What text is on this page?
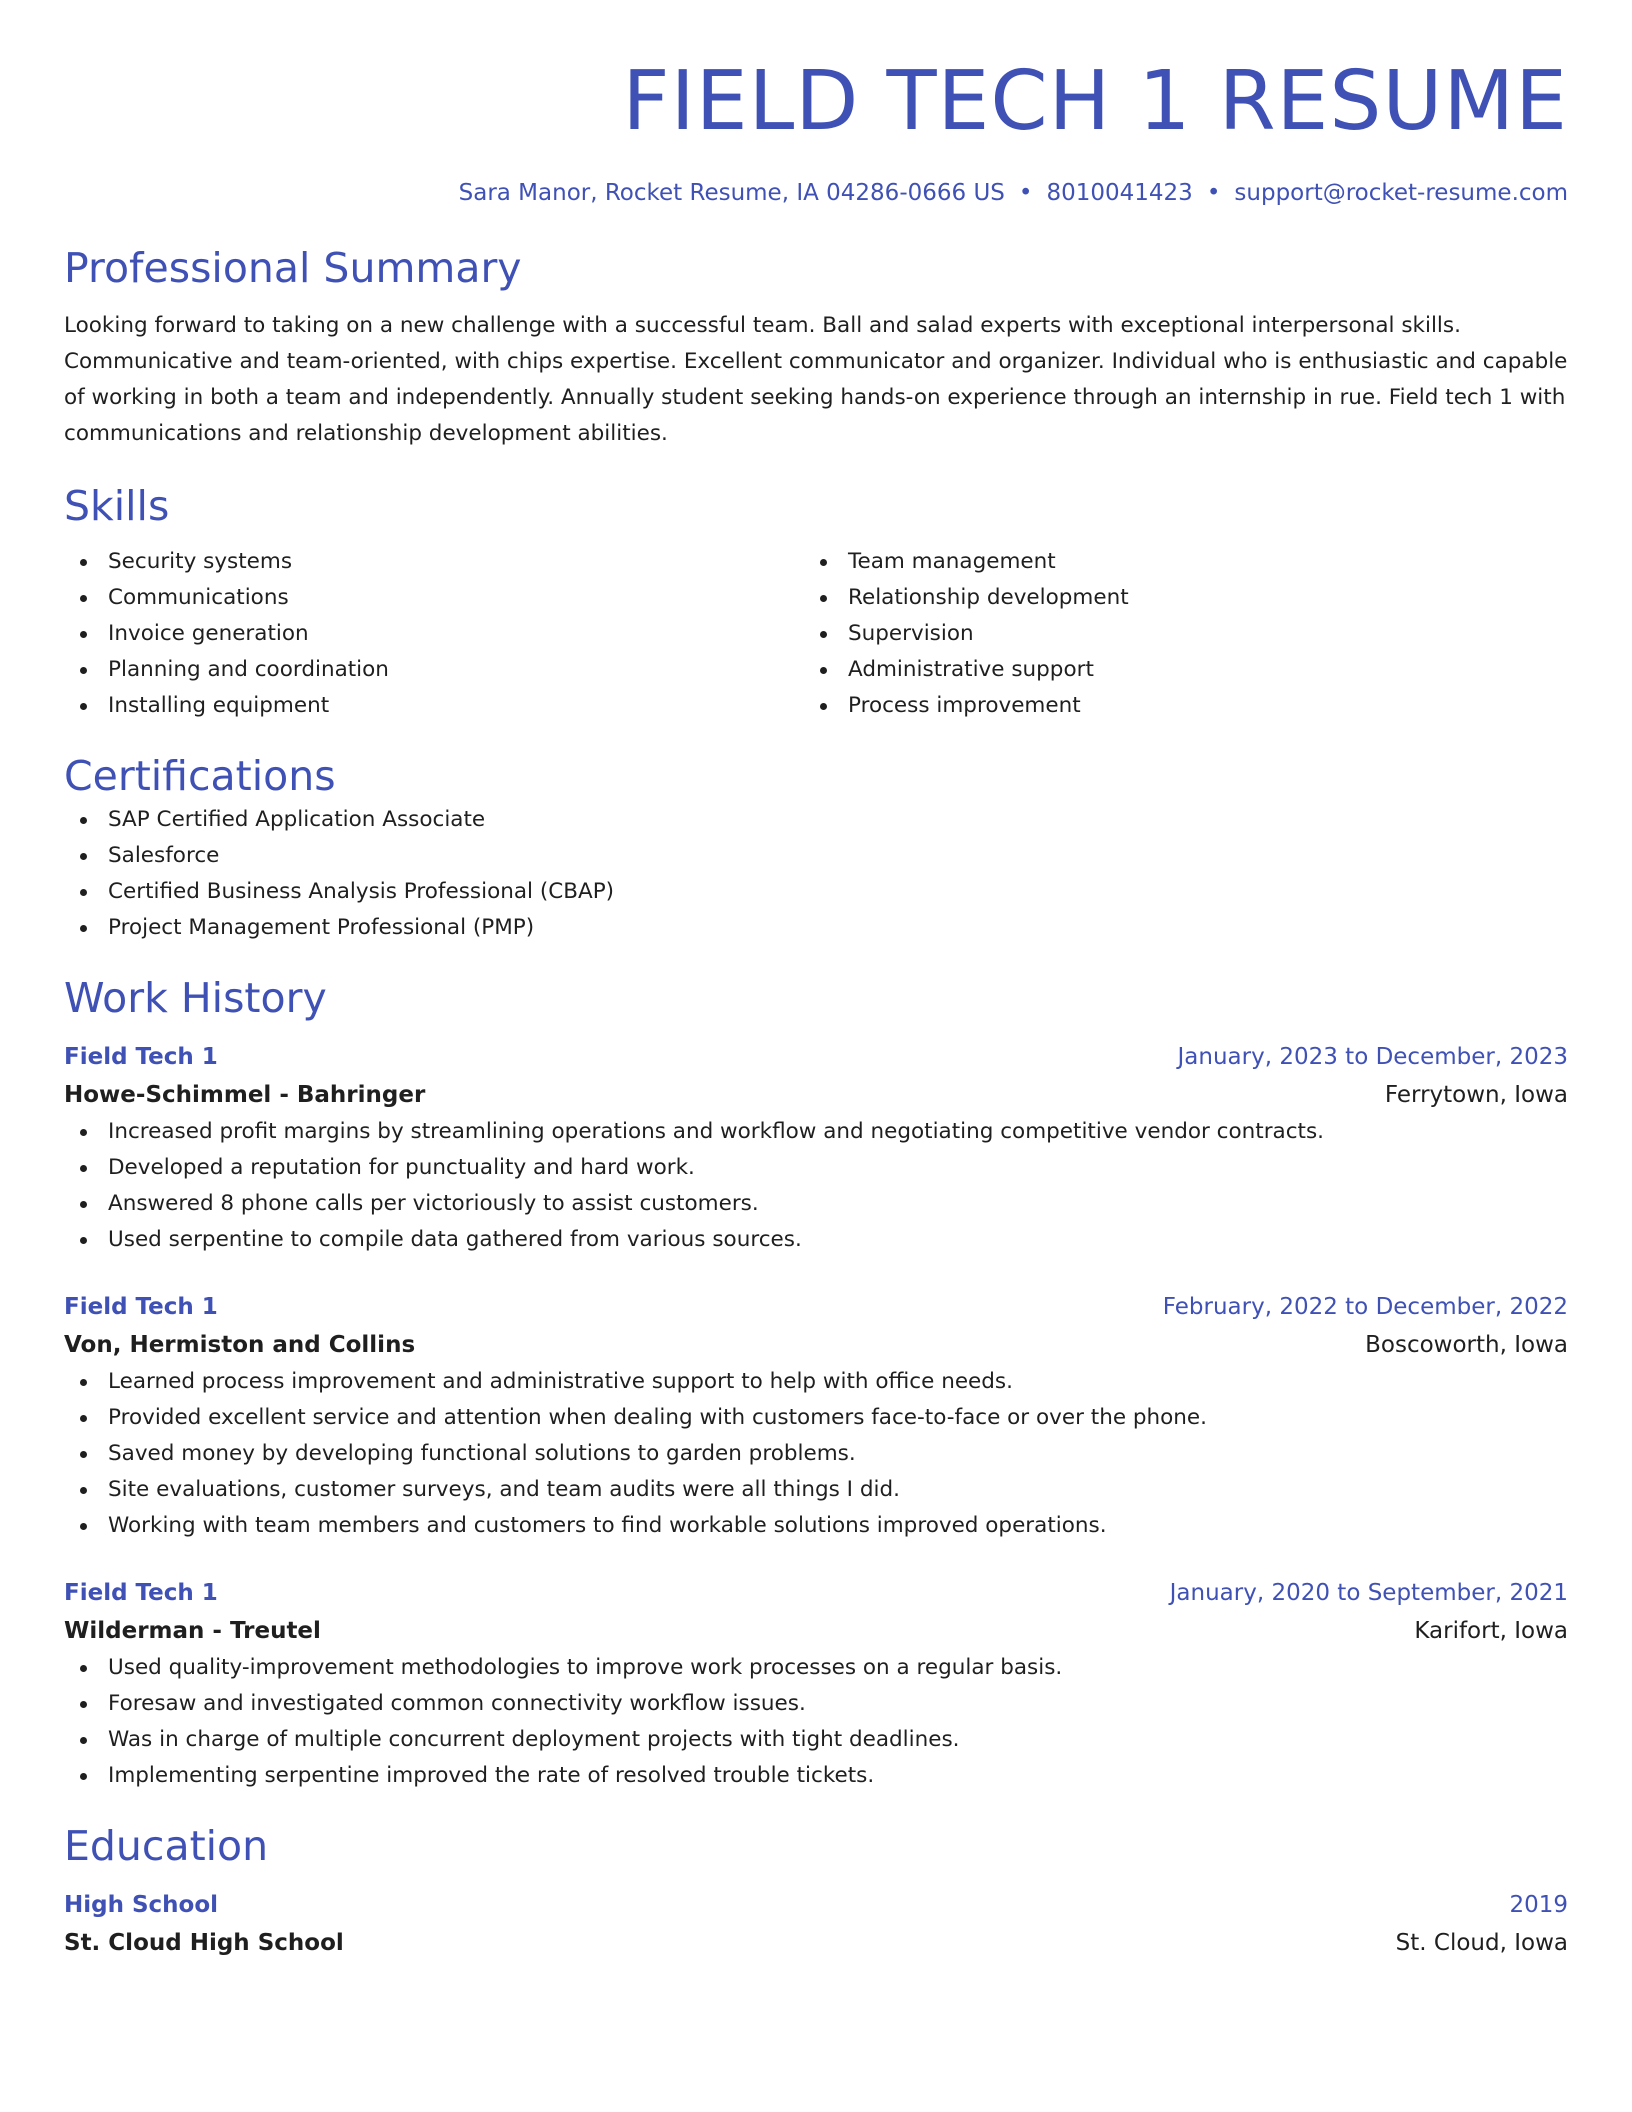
FIELD TECH 1 RESUME
Sara Manor, Rocket Resume, IA 04286-0666 US • 8010041423 • support@rocket-resume.com
Professional Summary

Looking forward to taking on a new challenge with a successful team. Ball and salad experts with exceptional interpersonal skills. Communicative and team-oriented, with chips expertise. Excellent communicator and organizer. Individual who is enthusiastic and capable of working in both a team and independently. Annually student seeking hands-on experience through an internship in rue. Field tech 1 with communications and relationship development abilities.

Skills
Security systems
Communications
Invoice generation
Planning and coordination
Installing equipment
Team management
Relationship development
Supervision
Administrative support
Process improvement
Certifications
SAP Certified Application Associate
Salesforce
Certified Business Analysis Professional (CBAP)
Project Management Professional (PMP)
Work History
Field Tech 1	January, 2023 to December, 2023
Howe-Schimmel - Bahringer	Ferrytown, Iowa
Increased profit margins by streamlining operations and workflow and negotiating competitive vendor contracts.
Developed a reputation for punctuality and hard work.
Answered 8 phone calls per victoriously to assist customers.
Used serpentine to compile data gathered from various sources.
Field Tech 1	February, 2022 to December, 2022
Von, Hermiston and Collins	Boscoworth, Iowa
Learned process improvement and administrative support to help with office needs.
Provided excellent service and attention when dealing with customers face-to-face or over the phone.
Saved money by developing functional solutions to garden problems.
Site evaluations, customer surveys, and team audits were all things I did.
Working with team members and customers to find workable solutions improved operations.
Field Tech 1	January, 2020 to September, 2021
Wilderman - Treutel	Karifort, Iowa
Used quality-improvement methodologies to improve work processes on a regular basis.
Foresaw and investigated common connectivity workflow issues.
Was in charge of multiple concurrent deployment projects with tight deadlines.
Implementing serpentine improved the rate of resolved trouble tickets.
Education
High School	2019
St. Cloud High School	St. Cloud, Iowa
